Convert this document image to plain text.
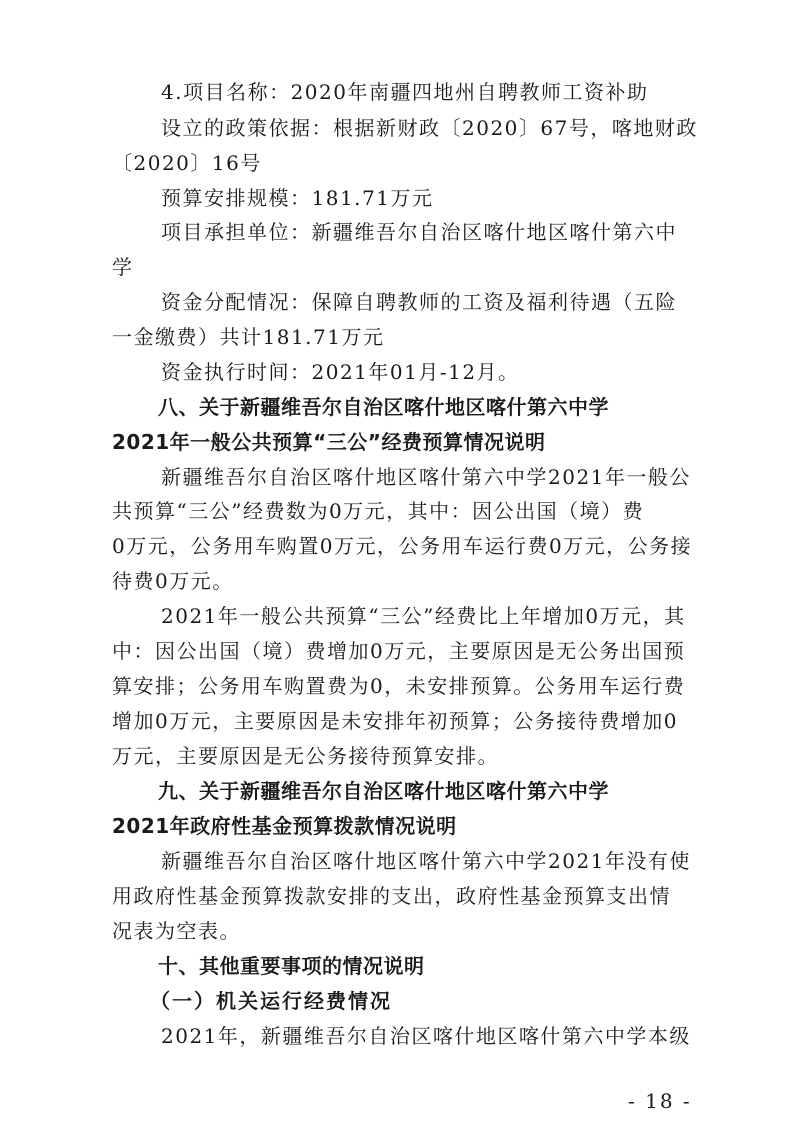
4.项目名称：2020年南疆四地州自聘教师工资补助
设立的政策依据：根据新财政〔2020〕67号，喀地财政
〔2020〕16号
预算安排规模：181.71万元
项目承担单位：新疆维吾尔自治区喀什地区喀什第六中
学
资金分配情况：保障自聘教师的工资及福利待遇（五险
一金缴费）共计181.71万元
资金执行时间：2021年01月-12月。
八、关于新疆维吾尔自治区喀什地区喀什第六中学
2021年一般公共预算“三公”经费预算情况说明
新疆维吾尔自治区喀什地区喀什第六中学2021年一般公
共预算“三公”经费数为0万元，其中：因公出国（境）费
0万元，公务用车购置0万元，公务用车运行费0万元，公务接
待费0万元。
2021年一般公共预算“三公”经费比上年增加0万元，其
中：因公出国（境）费增加0万元，主要原因是无公务出国预
算安排；公务用车购置费为0，未安排预算。公务用车运行费
增加0万元，主要原因是未安排年初预算；公务接待费增加0
万元，主要原因是无公务接待预算安排。
九、关于新疆维吾尔自治区喀什地区喀什第六中学
2021年政府性基金预算拨款情况说明
新疆维吾尔自治区喀什地区喀什第六中学2021年没有使
用政府性基金预算拨款安排的支出，政府性基金预算支出情
况表为空表。
十、其他重要事项的情况说明
（一）机关运行经费情况
2021年，新疆维吾尔自治区喀什地区喀什第六中学本级
- 18 -
